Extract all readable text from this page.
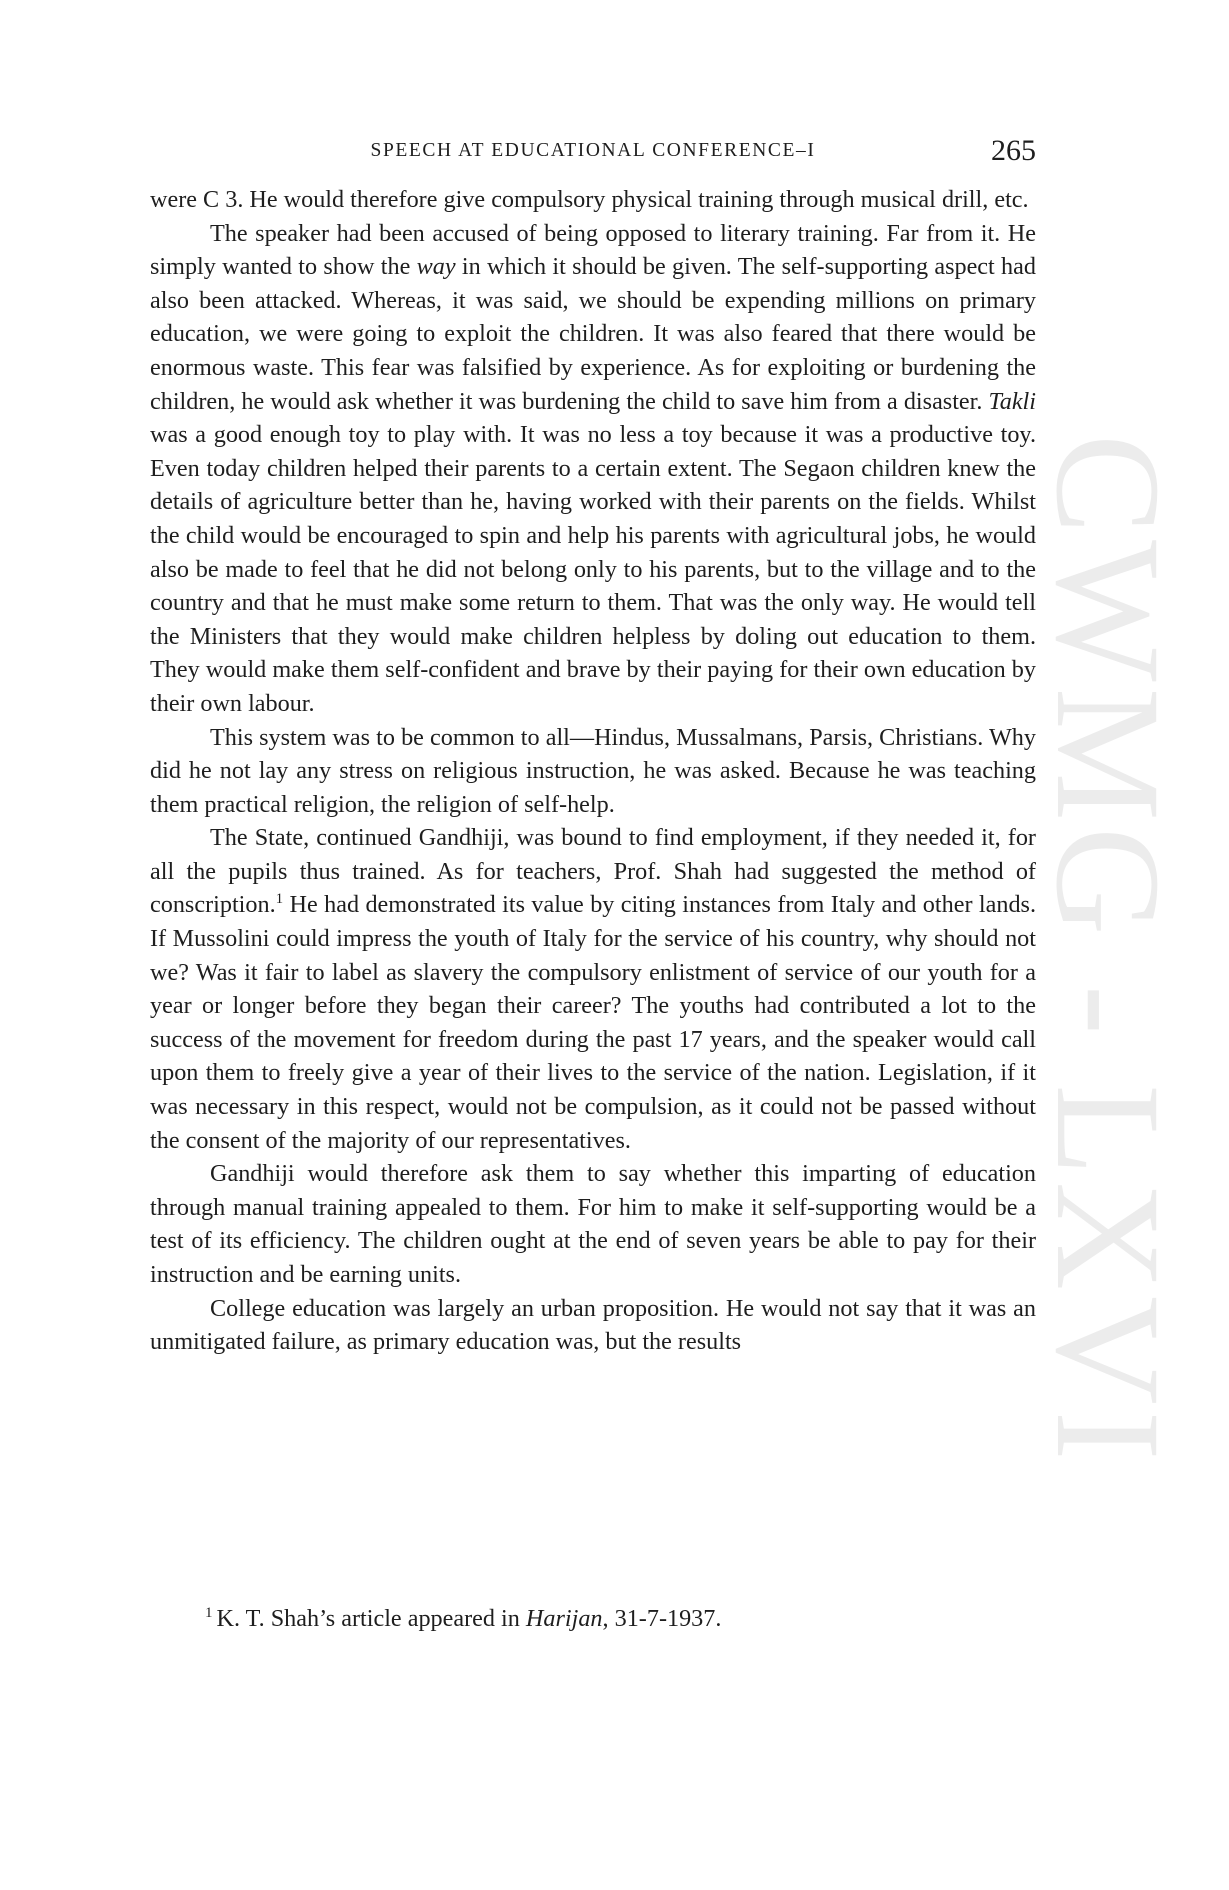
CWMG - LXVI
SPEECH AT EDUCATIONAL CONFERENCE–I	265

were C 3. He would therefore give compulsory physical training through musical drill, etc.

The speaker had been accused of being opposed to literary training. Far from it. He simply wanted to show the way in which it should be given. The self-supporting aspect had also been attacked. Whereas, it was said, we should be expending millions on primary education, we were going to exploit the children. It was also feared that there would be enormous waste. This fear was falsified by experience. As for exploiting or burdening the children, he would ask whether it was burdening the child to save him from a disaster. Takli was a good enough toy to play with. It was no less a toy because it was a productive toy. Even today children helped their parents to a certain extent. The Segaon children knew the details of agriculture better than he, having worked with their parents on the fields. Whilst the child would be encouraged to spin and help his parents with agricultural jobs, he would also be made to feel that he did not belong only to his parents, but to the village and to the country and that he must make some return to them. That was the only way. He would tell the Ministers that they would make children helpless by doling out education to them. They would make them self-confident and brave by their paying for their own education by their own labour.

This system was to be common to all—Hindus, Mussalmans, Parsis, Christians. Why did he not lay any stress on religious instruction, he was asked. Because he was teaching them practical religion, the religion of self-help.

The State, continued Gandhiji, was bound to find employment, if they needed it, for all the pupils thus trained. As for teachers, Prof. Shah had suggested the method of conscription.$^1$ He had demonstrated its value by citing instances from Italy and other lands. If Mussolini could impress the youth of Italy for the service of his country, why should not we? Was it fair to label as slavery the compulsory enlistment of service of our youth for a year or longer before they began their career? The youths had contributed a lot to the success of the movement for freedom during the past 17 years, and the speaker would call upon them to freely give a year of their lives to the service of the nation. Legislation, if it was necessary in this respect, would not be compulsion, as it could not be passed without the consent of the majority of our representatives.

Gandhiji would therefore ask them to say whether this imparting of education through manual training appealed to them. For him to make it self-supporting would be a test of its efficiency. The children ought at the end of seven years be able to pay for their instruction and be earning units.

College education was largely an urban proposition. He would not say that it was an unmitigated failure, as primary education was, but the results

$^1$ K. T. Shah’s article appeared in Harijan, 31-7-1937.
